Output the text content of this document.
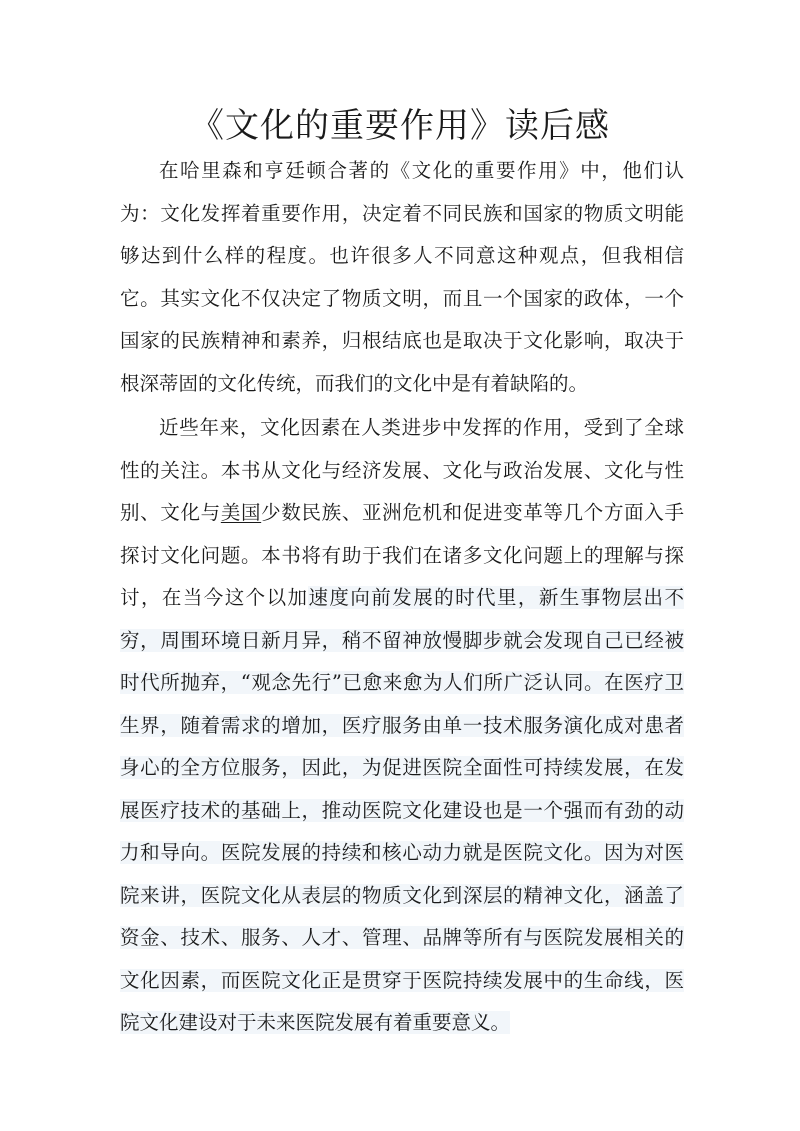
《文化的重要作用》读后感

在哈里森和亨廷顿合著的《文化的重要作用》中，他们认为：文化发挥着重要作用，决定着不同民族和国家的物质文明能够达到什么样的程度。也许很多人不同意这种观点，但我相信它。其实文化不仅决定了物质文明，而且一个国家的政体，一个国家的民族精神和素养，归根结底也是取决于文化影响，取决于根深蒂固的文化传统，而我们的文化中是有着缺陷的。

近些年来，文化因素在人类进步中发挥的作用，受到了全球性的关注。本书从文化与经济发展、文化与政治发展、文化与性别、文化与美国少数民族、亚洲危机和促进变革等几个方面入手探讨文化问题。本书将有助于我们在诸多文化问题上的理解与探讨，在当今这个以加速度向前发展的时代里，新生事物层出不穷，周围环境日新月异，稍不留神放慢脚步就会发现自己已经被时代所抛弃，“观念先行”已愈来愈为人们所广泛认同。在医疗卫生界，随着需求的增加，医疗服务由单一技术服务演化成对患者身心的全方位服务，因此，为促进医院全面性可持续发展，在发展医疗技术的基础上，推动医院文化建设也是一个强而有劲的动力和导向。医院发展的持续和核心动力就是医院文化。因为对医院来讲，医院文化从表层的物质文化到深层的精神文化，涵盖了资金、技术、服务、人才、管理、品牌等所有与医院发展相关的文化因素，而医院文化正是贯穿于医院持续发展中的生命线，医院文化建设对于未来医院发展有着重要意义。
